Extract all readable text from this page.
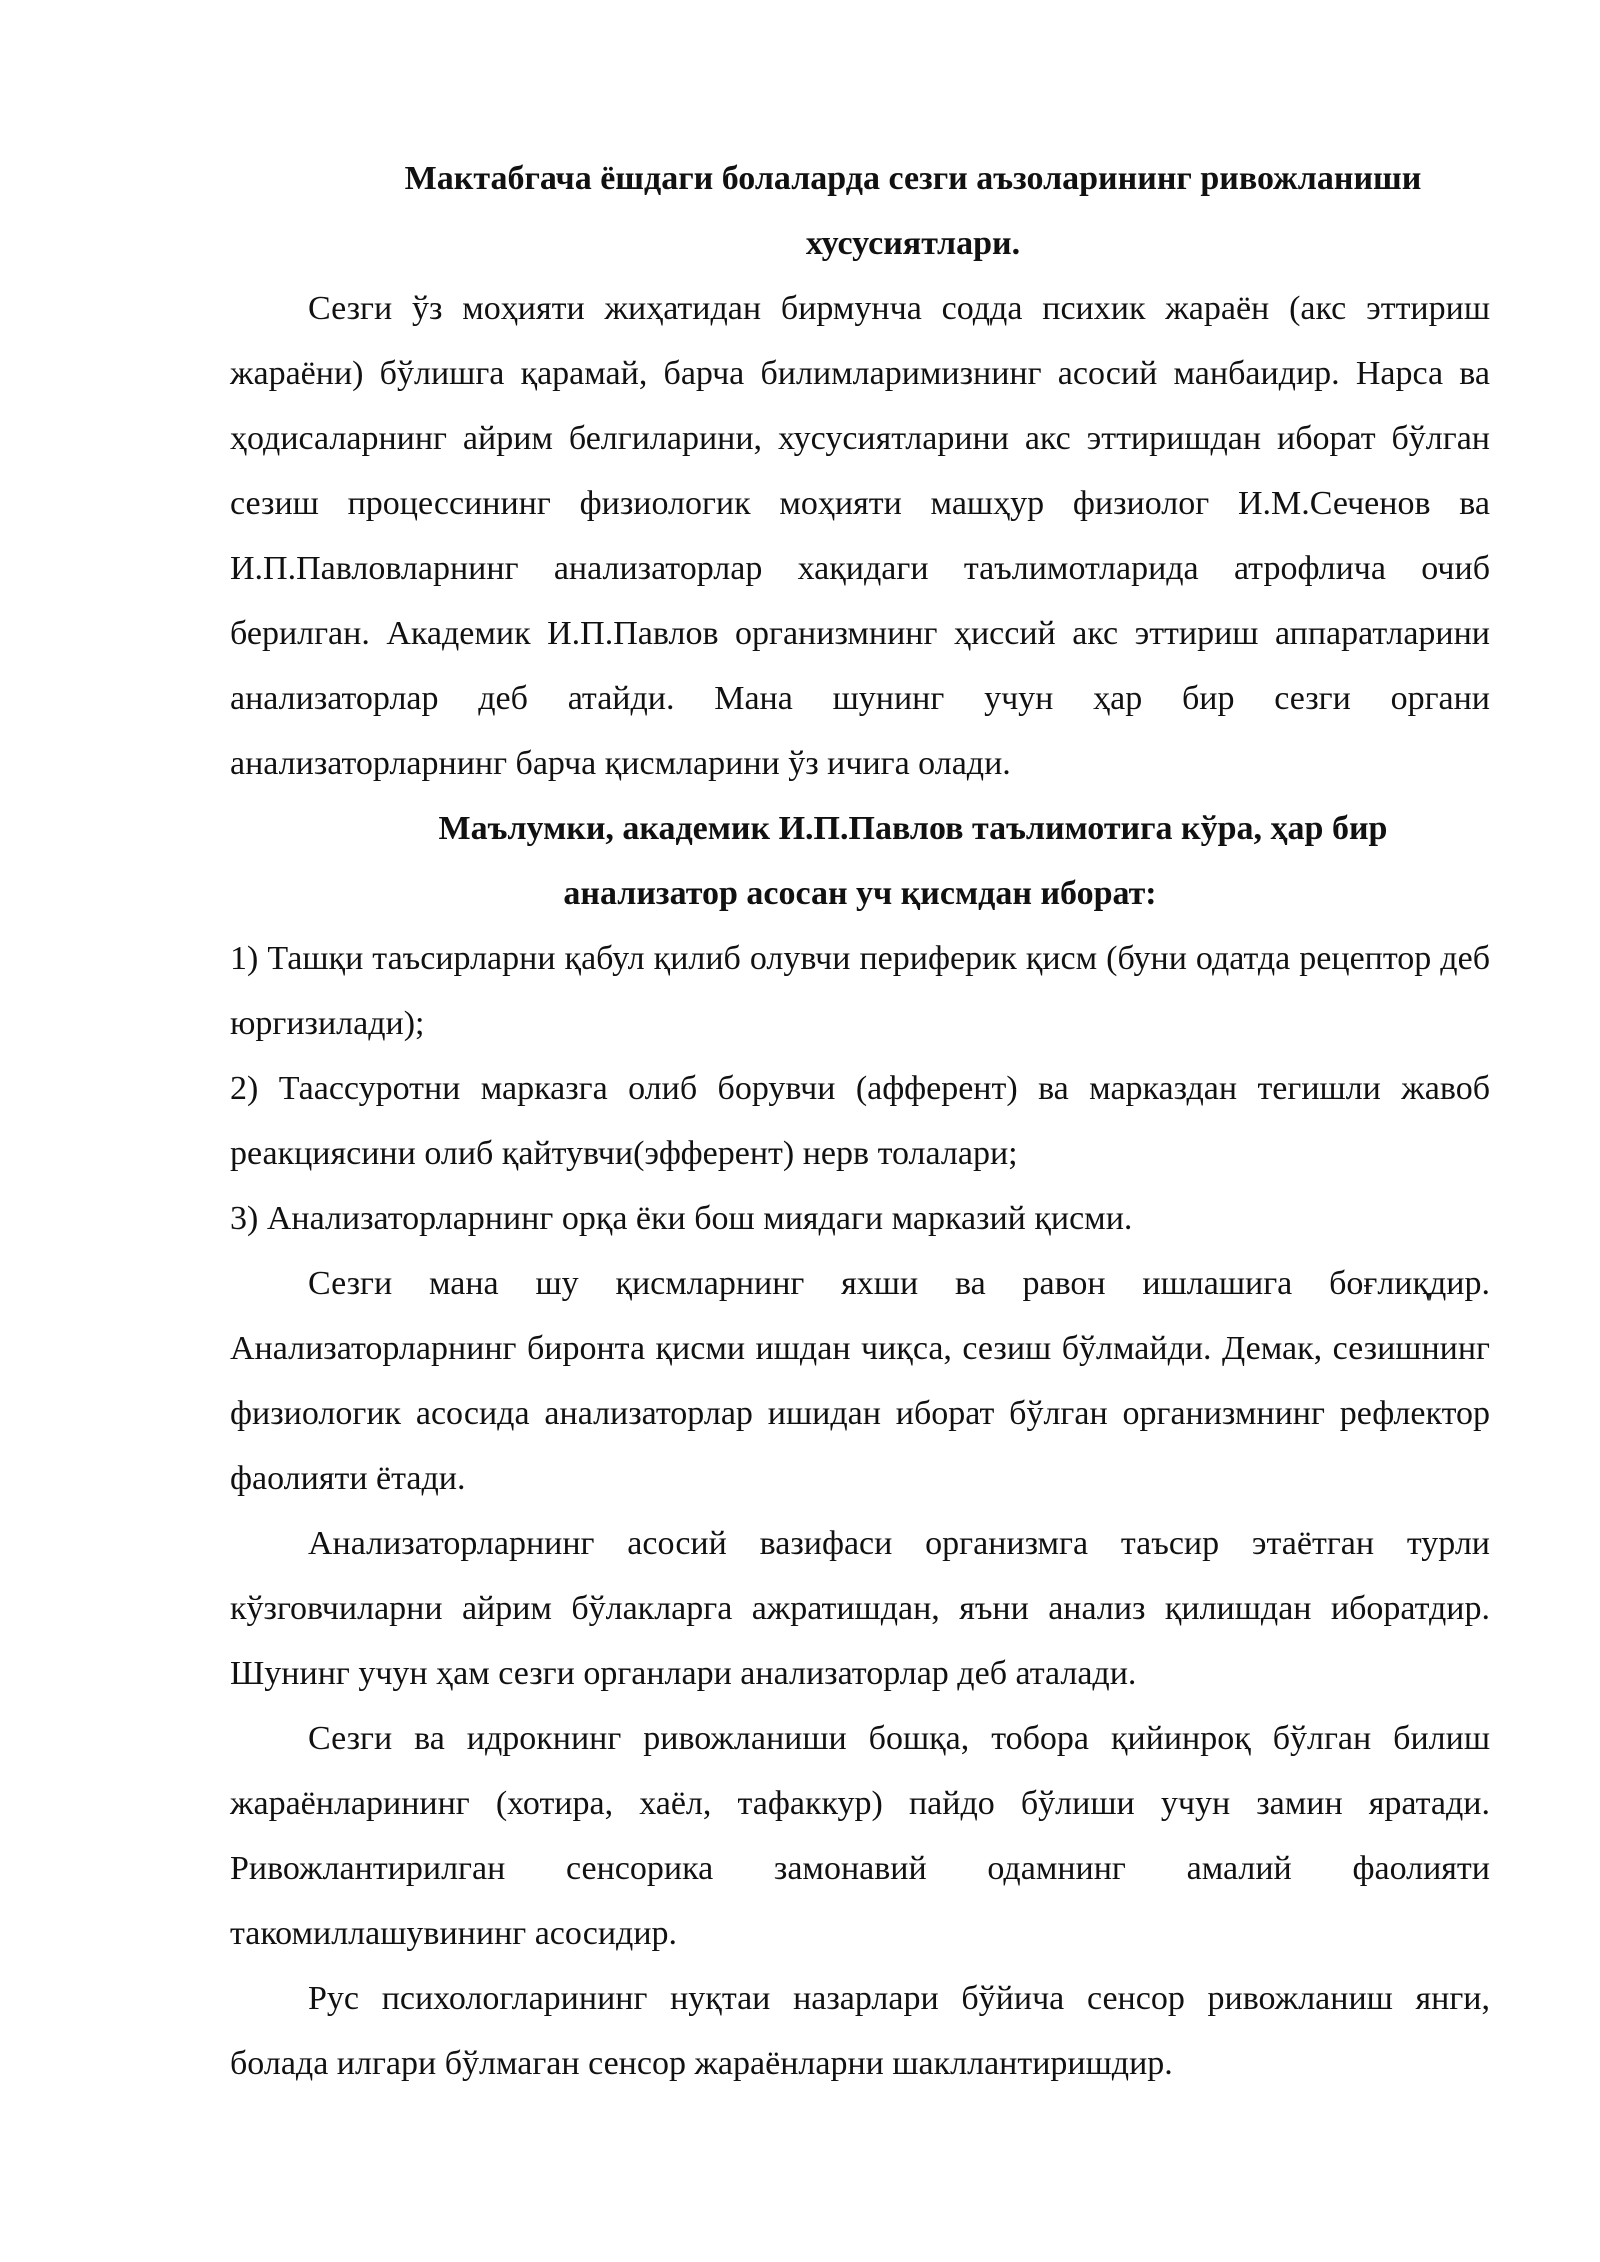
Мактабгача ёшдаги болаларда сезги аъзоларининг ривожланиши
хусусиятлари.

Сезги ўз моҳияти жиҳатидан бирмунча содда психик жараён (акс эттириш жараёни) бўлишга қарамай, барча билимларимизнинг асосий манбаидир. Нарса ва ҳодисаларнинг айрим белгиларини, хусусиятларини акс эттиришдан иборат бўлган сезиш процессининг физиологик моҳияти машҳур физиолог И.М.Сеченов ва И.П.Павловларнинг анализаторлар хақидаги таълимотларида атрофлича очиб берилган. Академик И.П.Павлов организмнинг ҳиссий акс эттириш аппаратларини анализаторлар деб атайди. Мана шунинг учун ҳар бир сезги органи анализаторларнинг барча қисмларини ўз ичига олади.

Маълумки, академик И.П.Павлов таълимотига кўра, ҳар бир
анализатор асосан уч қисмдан иборат:
1) Ташқи таъсирларни қабул қилиб олувчи периферик қисм (буни одатда рецептор деб юргизилади);
2) Таассуротни марказга олиб борувчи (афферент) ва марказдан тегишли жавоб реакциясини олиб қайтувчи(эфферент) нерв толалари;
3) Анализаторларнинг орқа ёки бош миядаги марказий қисми.

Сезги мана шу қисмларнинг яхши ва равон ишлашига боғлиқдир. Анализаторларнинг биронта қисми ишдан чиқса, сезиш бўлмайди. Демак, сезишнинг физиологик асосида анализаторлар ишидан иборат бўлган организмнинг рефлектор фаолияти ётади.

Анализаторларнинг асосий вазифаси организмга таъсир этаётган турли кўзговчиларни айрим бўлакларга ажратишдан, яъни анализ қилишдан иборатдир. Шунинг учун ҳам сезги органлари анализаторлар деб аталади.

Сезги ва идрокнинг ривожланиши бошқа, тобора қийинроқ бўлган билиш жараёнларининг (хотира, хаёл, тафаккур) пайдо бўлиши учун замин яратади. Ривожлантирилган сенсорика замонавий одамнинг амалий фаолияти такомиллашувининг асосидир.

Рус психологларининг нуқтаи назарлари бўйича сенсор ривожланиш янги, болада илгари бўлмаган сенсор жараёнларни шакллантиришдир.
